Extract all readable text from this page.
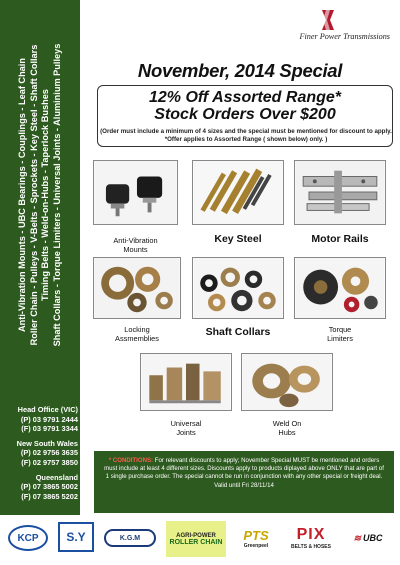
Anti-Vibration Mounts - UBC Bearings - Couplings - Leaf Chain Roller Chain - Pulleys - V-Belts - Sprockets - Key Steel - Shaft Collars Timing Belts - Weld-on-Hubs - Taperlock Bushes Shaft Collars - Torque Limiters - Universal Joints - Aluminium Pulleys
Head Office (VIC)
(P) 03 9791 2444
(F) 03 9791 3344
New South Wales
(P) 02 9756 3635
(F) 02 9757 3850
Queensland
(P) 07 3865 5002
(F) 07 3865 5202
Finer Power Transmissions
November, 2014 Special
12% Off Assorted Range*
Stock Orders Over $200
(Order must include a minimum of 4 sizes and the special must be mentioned for discount to apply. *Offer applies to Assorted Range ( shown below) only. )
Anti-Vibration
Mounts
Key Steel	Motor Rails
Locking
Assmemblies
Shaft Collars	Torque
Limiters
Universal
Joints
Weld On
Hubs
* CONDITIONS: For relevant discounts to apply; November Special MUST be mentioned and orders must include at least 4 different sizes. Discounts apply to products diplayed above ONLY that are part of 1 single purchase order. The special cannot be run in conjunction with any other special or freight deal. Valid until Fri 28/11/14
KCP	S.Y	K.G.M	AGRI-POWER
ROLLER CHAIN PTS
Greenpeel
PIX
BELTS & HOSES
≋ UBC
